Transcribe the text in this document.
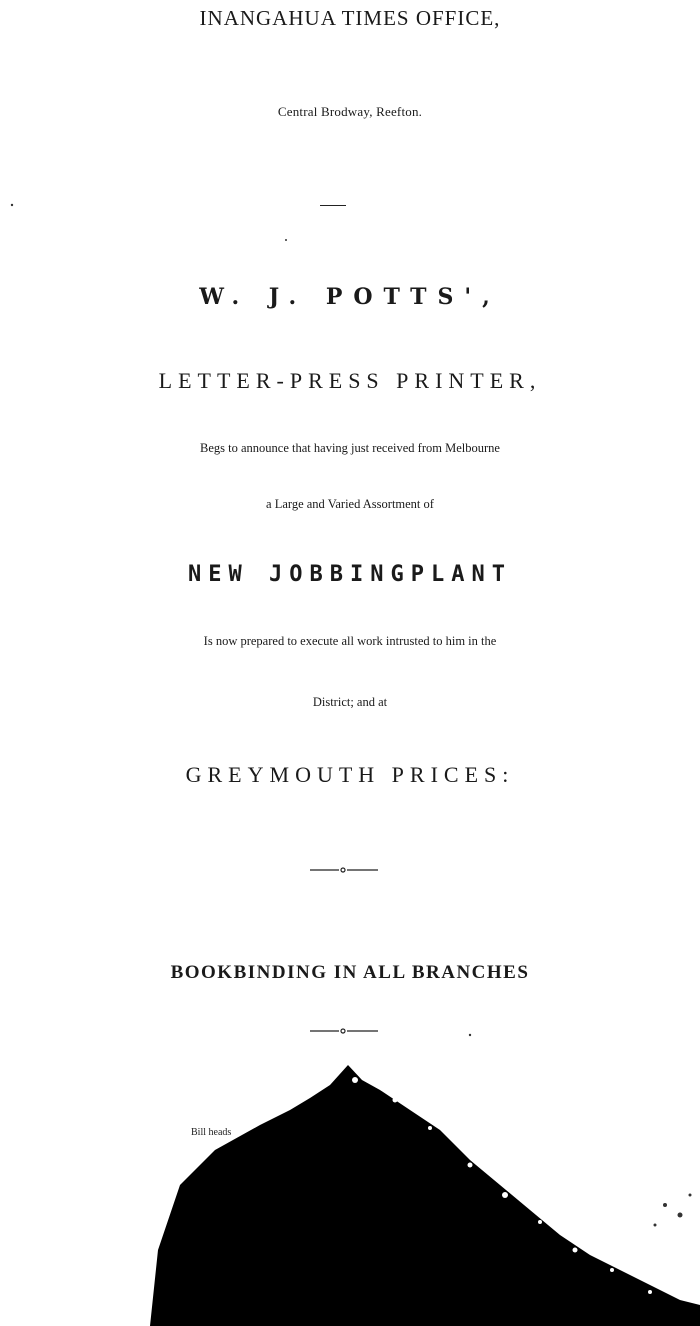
INANGAHUA TIMES OFFICE,
Central Brodway, Reefton.
W. J. POTTS',
LETTER-PRESS PRINTER,
Begs to announce that having just received from Melbourne
a Large and Varied Assortment of
NEW JOBBINGPLANT
Is now prepared to execute all work intrusted to him in the
District; and at
GREYMOUTH PRICES:
Bill heads
BOOKBINDING IN ALL BRANCHES
